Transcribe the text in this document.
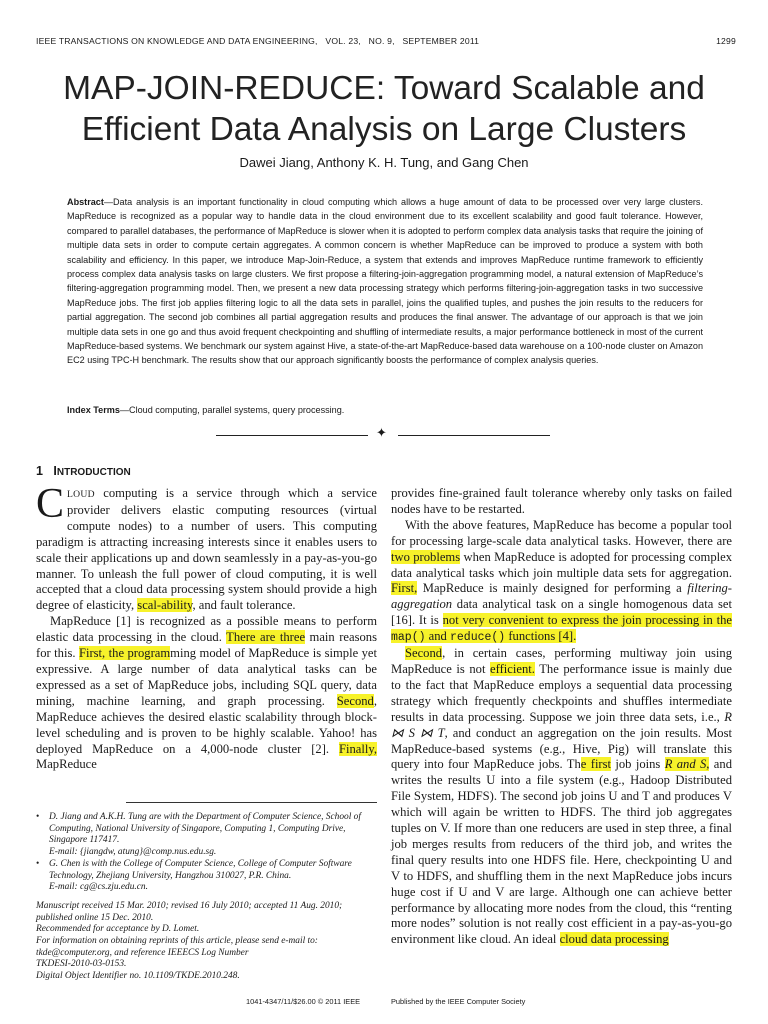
IEEE TRANSACTIONS ON KNOWLEDGE AND DATA ENGINEERING,   VOL. 23,   NO. 9,   SEPTEMBER 2011	1299
MAP-JOIN-REDUCE: Toward Scalable and
Efficient Data Analysis on Large Clusters
Dawei Jiang, Anthony K. H. Tung, and Gang Chen
Abstract—Data analysis is an important functionality in cloud computing which allows a huge amount of data to be processed over very large clusters. MapReduce is recognized as a popular way to handle data in the cloud environment due to its excellent scalability and good fault tolerance. However, compared to parallel databases, the performance of MapReduce is slower when it is adopted to perform complex data analysis tasks that require the joining of multiple data sets in order to compute certain aggregates. A common concern is whether MapReduce can be improved to produce a system with both scalability and efficiency. In this paper, we introduce Map-Join-Reduce, a system that extends and improves MapReduce runtime framework to efficiently process complex data analysis tasks on large clusters. We first propose a filtering-join-aggregation programming model, a natural extension of MapReduce’s filtering-aggregation programming model. Then, we present a new data processing strategy which performs filtering-join-aggregation tasks in two successive MapReduce jobs. The first job applies filtering logic to all the data sets in parallel, joins the qualified tuples, and pushes the join results to the reducers for partial aggregation. The second job combines all partial aggregation results and produces the final answer. The advantage of our approach is that we join multiple data sets in one go and thus avoid frequent checkpointing and shuffling of intermediate results, a major performance bottleneck in most of the current MapReduce-based systems. We benchmark our system against Hive, a state-of-the-art MapReduce-based data warehouse on a 100-node cluster on Amazon EC2 using TPC-H benchmark. The results show that our approach significantly boosts the performance of complex analysis queries.
Index Terms—Cloud computing, parallel systems, query processing.
✦
1 INTRODUCTION

CLOUD computing is a service through which a service provider delivers elastic computing resources (virtual compute nodes) to a number of users. This computing paradigm is attracting increasing interests since it enables users to scale their applications up and down seamlessly in a pay-as-you-go manner. To unleash the full power of cloud computing, it is well accepted that a cloud data processing system should provide a high degree of elasticity, scal-ability, and fault tolerance.

MapReduce [1] is recognized as a possible means to perform elastic data processing in the cloud. There are three main reasons for this. First, the programming model of MapReduce is simple yet expressive. A large number of data analytical tasks can be expressed as a set of MapReduce jobs, including SQL query, data mining, machine learning, and graph processing. Second, MapReduce achieves the desired elastic scalability through block-level scheduling and is proven to be highly scalable. Yahoo! has deployed MapReduce on a 4,000-node cluster [2]. Finally, MapReduce

• D. Jiang and A.K.H. Tung are with the Department of Computer Science, School of Computing, National University of Singapore, Computing 1, Computing Drive, Singapore 117417.
E-mail: {jiangdw, atung}@comp.nus.edu.sg.
• G. Chen is with the College of Computer Science, College of Computer Software Technology, Zhejiang University, Hangzhou 310027, P.R. China.
E-mail: cg@cs.zju.edu.cn.
Manuscript received 15 Mar. 2010; revised 16 July 2010; accepted 11 Aug. 2010; published online 15 Dec. 2010.
Recommended for acceptance by D. Lomet.
For information on obtaining reprints of this article, please send e-mail to: tkde@computer.org, and reference IEEECS Log Number
TKDESI-2010-03-0153.
Digital Object Identifier no. 10.1109/TKDE.2010.248.

provides fine-grained fault tolerance whereby only tasks on failed nodes have to be restarted.

With the above features, MapReduce has become a popular tool for processing large-scale data analytical tasks. However, there are two problems when MapReduce is adopted for processing complex data analytical tasks which join multiple data sets for aggregation. First, MapReduce is mainly designed for performing a filtering-aggregation data analytical task on a single homogenous data set [16]. It is not very convenient to express the join processing in the map() and reduce() functions [4].

Second, in certain cases, performing multiway join using MapReduce is not efficient. The performance issue is mainly due to the fact that MapReduce employs a sequential data processing strategy which frequently checkpoints and shuffles intermediate results in data processing. Suppose we join three data sets, i.e., R ⋈ S ⋈ T, and conduct an aggregation on the join results. Most MapReduce-based systems (e.g., Hive, Pig) will translate this query into four MapReduce jobs. The first job joins R and S, and writes the results U into a file system (e.g., Hadoop Distributed File System, HDFS). The second job joins U and T and produces V which will again be written to HDFS. The third job aggregates tuples on V. If more than one reducers are used in step three, a final job merges results from reducers of the third job, and writes the final query results into one HDFS file. Here, checkpointing U and V to HDFS, and shuffling them in the next MapReduce jobs incurs huge cost if U and V are large. Although one can achieve better performance by allocating more nodes from the cloud, this “renting more nodes” solution is not really cost efficient in a pay-as-you-go environment like cloud. An ideal cloud data processing

1041-4347/11/$26.00 © 2011 IEEE	Published by the IEEE Computer Society
